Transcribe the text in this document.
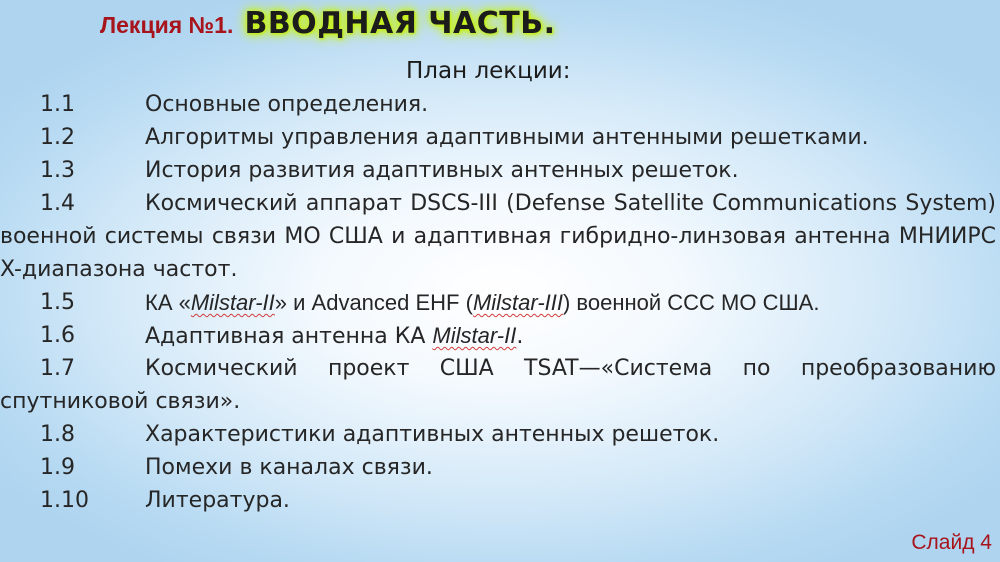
Лекция №1. ВВОДНАЯ ЧАСТЬ.
План лекции:
1.1	Основные определения.
1.2	Алгоритмы управления адаптивными антенными решетками.
1.3	История развития адаптивных антенных решеток.
1.4	Космический аппарат DSCS-III (Defense Satellite Communications System) военной системы связи МО США и адаптивная гибридно-линзовая антенна МНИИРС X-диапазона частот.
1.5	КА «Milstar-II» и Advanced EHF (Milstar-III) военной ССС МО США.
1.6	Адаптивная антенна КА Milstar-II.
1.7	Космический проект США TSAT—«Система по преобразованию спутниковой связи».
1.8	Характеристики адаптивных антенных решеток.
1.9	Помехи в каналах связи.
1.10	Литература.
Слайд 4
